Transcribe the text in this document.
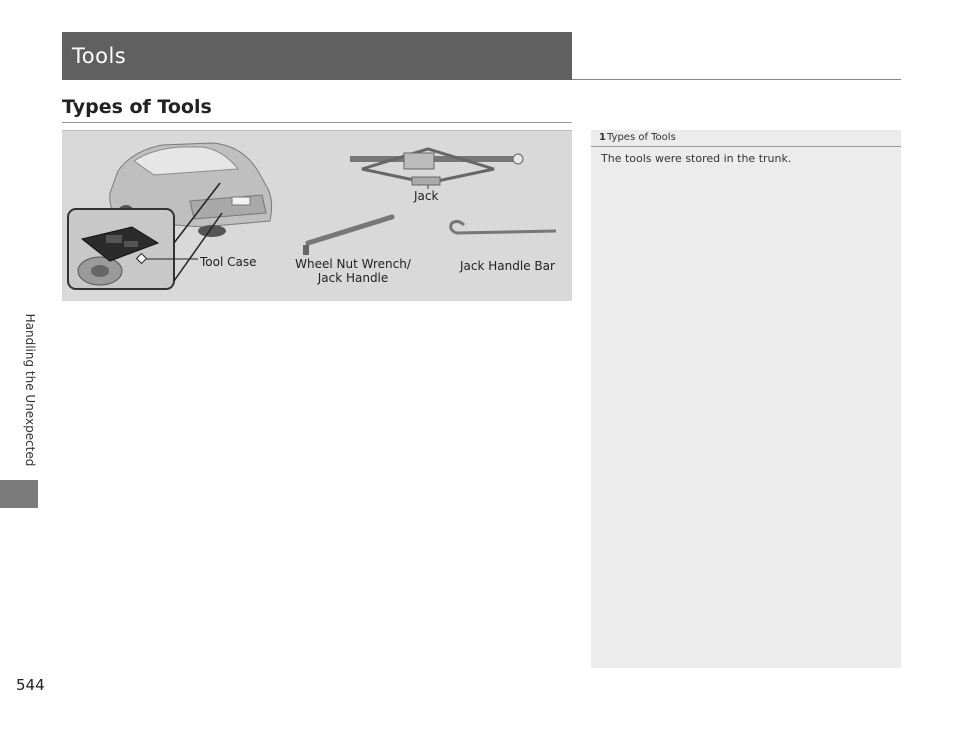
Handling the Unexpected
544
Tools
Types of Tools
Tool Case
Jack
Wheel Nut Wrench/
Jack Handle
Jack Handle Bar
1Types of Tools
The tools were stored in the trunk.
